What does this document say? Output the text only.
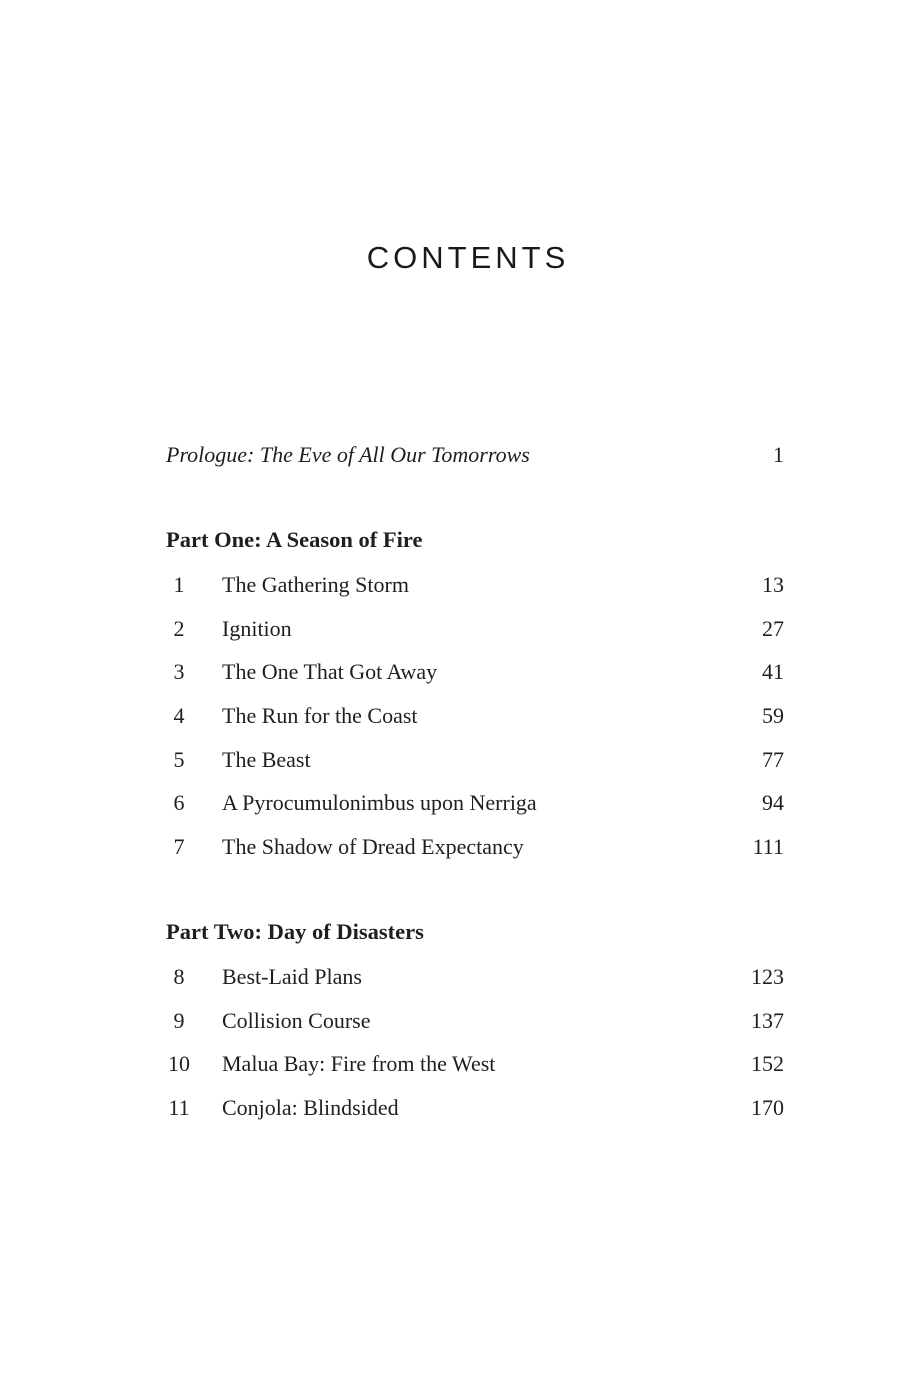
CONTENTS
Prologue: The Eve of All Our Tomorrows	1
Part One: A Season of Fire
1	The Gathering Storm	13
2	Ignition	27
3	The One That Got Away	41
4	The Run for the Coast	59
5	The Beast	77
6	A Pyrocumulonimbus upon Nerriga	94
7	The Shadow of Dread Expectancy	111
Part Two: Day of Disasters
8	Best-Laid Plans	123
9	Collision Course	137
10 Malua Bay: Fire from the West	152
11 Conjola: Blindsided	170
